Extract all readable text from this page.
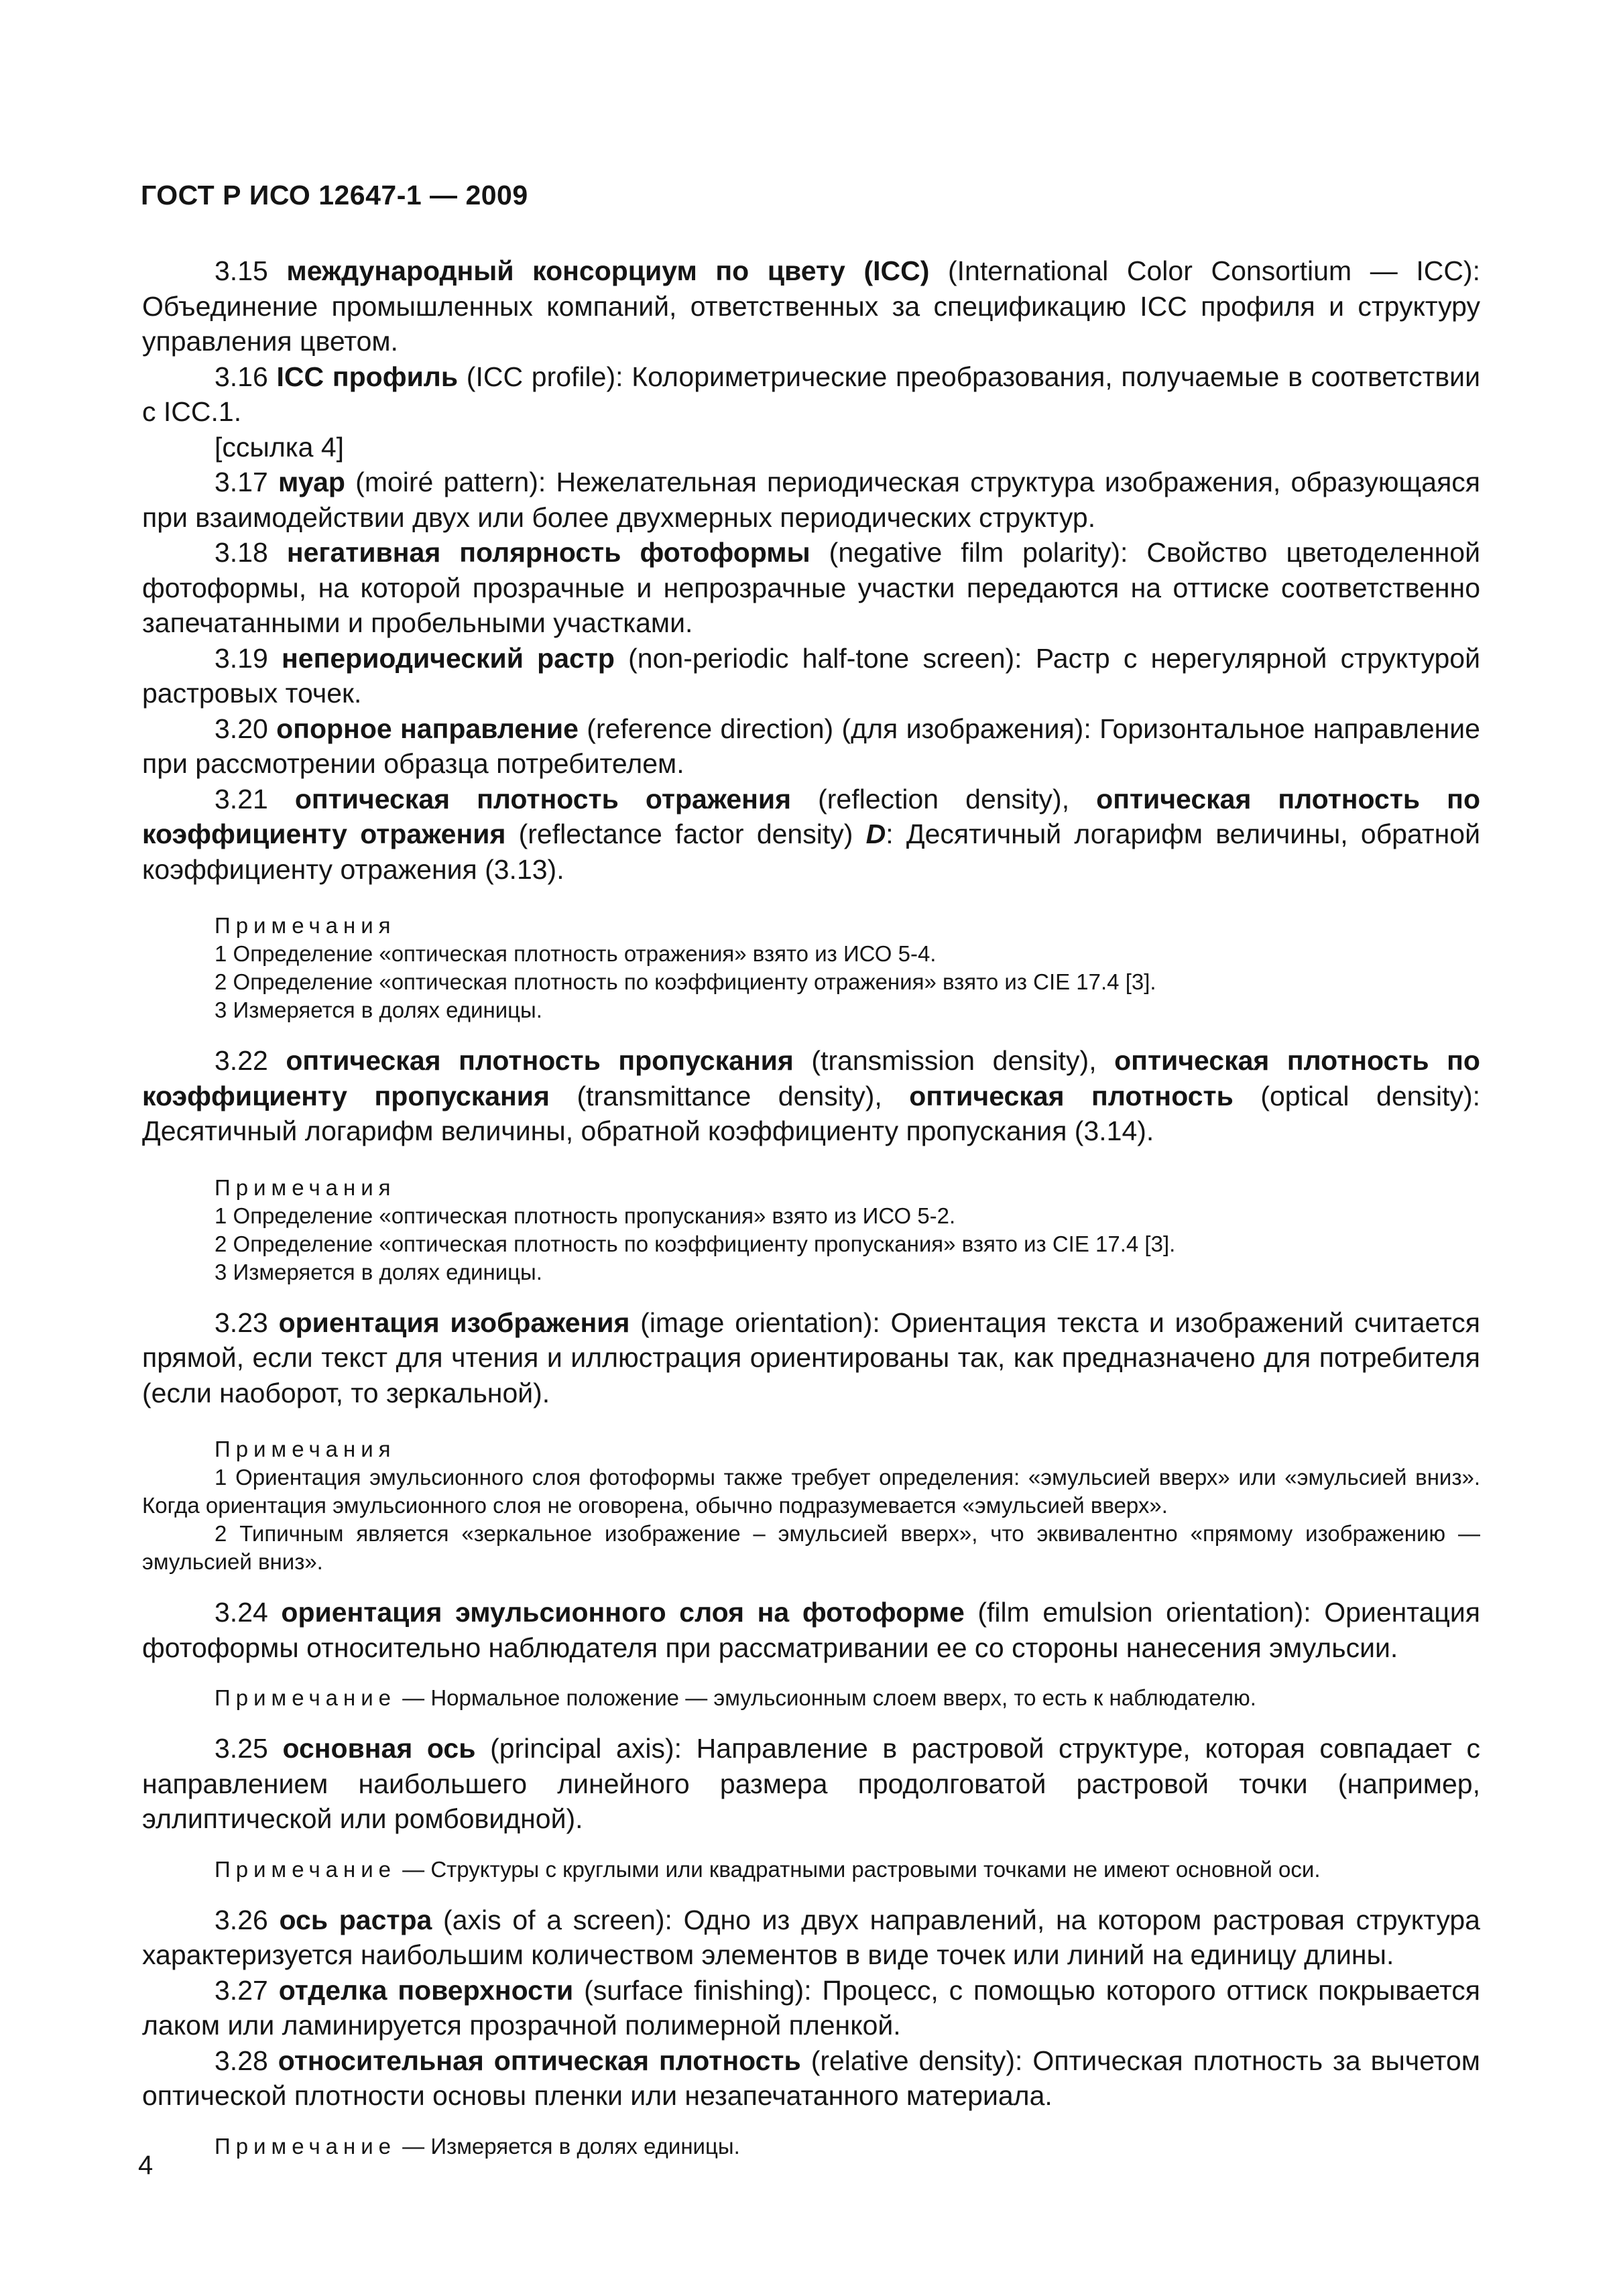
ГОСТ Р ИСО 12647-1 — 2009

3.15 международный консорциум по цвету (ICC) (International Color Consortium — ICC): Объединение промышленных компаний, ответственных за спецификацию ICC профиля и структуру управления цветом.

3.16 ICC профиль (ICC profile): Колориметрические преобразования, получаемые в соответствии с ICC.1.

[ссылка 4]

3.17 муар (moiré pattern): Нежелательная периодическая структура изображения, образующаяся при взаимодействии двух или более двухмерных периодических структур.

3.18 негативная полярность фотоформы (negative film polarity): Свойство цветоделенной фотоформы, на которой прозрачные и непрозрачные участки передаются на оттиске соответственно запечатанными и пробельными участками.

3.19 непериодический растр (non-periodic half-tone screen): Растр с нерегулярной структурой растровых точек.

3.20 опорное направление (reference direction) (для изображения): Горизонтальное направление при рассмотрении образца потребителем.

3.21 оптическая плотность отражения (reflection density), оптическая плотность по коэффициенту отражения (reflectance factor density) D: Десятичный логарифм величины, обратной коэффициенту отражения (3.13).

Примечания
1 Определение «оптическая плотность отражения» взято из ИСО 5-4.
2 Определение «оптическая плотность по коэффициенту отражения» взято из CIE 17.4 [3].
3 Измеряется в долях единицы.

3.22 оптическая плотность пропускания (transmission density), оптическая плотность по коэффициенту пропускания (transmittance density), оптическая плотность (optical density): Десятичный логарифм величины, обратной коэффициенту пропускания (3.14).

Примечания
1 Определение «оптическая плотность пропускания» взято из ИСО 5-2.
2 Определение «оптическая плотность по коэффициенту пропускания» взято из CIE 17.4 [3].
3 Измеряется в долях единицы.

3.23 ориентация изображения (image orientation): Ориентация текста и изображений считается прямой, если текст для чтения и иллюстрация ориентированы так, как предназначено для потребителя (если наоборот, то зеркальной).

Примечания
1 Ориентация эмульсионного слоя фотоформы также требует определения: «эмульсией вверх» или «эмульсией вниз». Когда ориентация эмульсионного слоя не оговорена, обычно подразумевается «эмульсией вверх».
2 Типичным является «зеркальное изображение – эмульсией вверх», что эквивалентно «прямому изображению — эмульсией вниз».

3.24 ориентация эмульсионного слоя на фотоформе (film emulsion orientation): Ориентация фотоформы относительно наблюдателя при рассматривании ее со стороны нанесения эмульсии.

Примечание — Нормальное положение — эмульсионным слоем вверх, то есть к наблюдателю.

3.25 основная ось (principal axis): Направление в растровой структуре, которая совпадает с направлением наибольшего линейного размера продолговатой растровой точки (например, эллиптической или ромбовидной).

Примечание — Структуры с круглыми или квадратными растровыми точками не имеют основной оси.

3.26 ось растра (axis of a screen): Одно из двух направлений, на котором растровая структура характеризуется наибольшим количеством элементов в виде точек или линий на единицу длины.

3.27 отделка поверхности (surface finishing): Процесс, с помощью которого оттиск покрывается лаком или ламинируется прозрачной полимерной пленкой.

3.28 относительная оптическая плотность (relative density): Оптическая плотность за вычетом оптической плотности основы пленки или незапечатанного материала.

Примечание — Измеряется в долях единицы.
4
